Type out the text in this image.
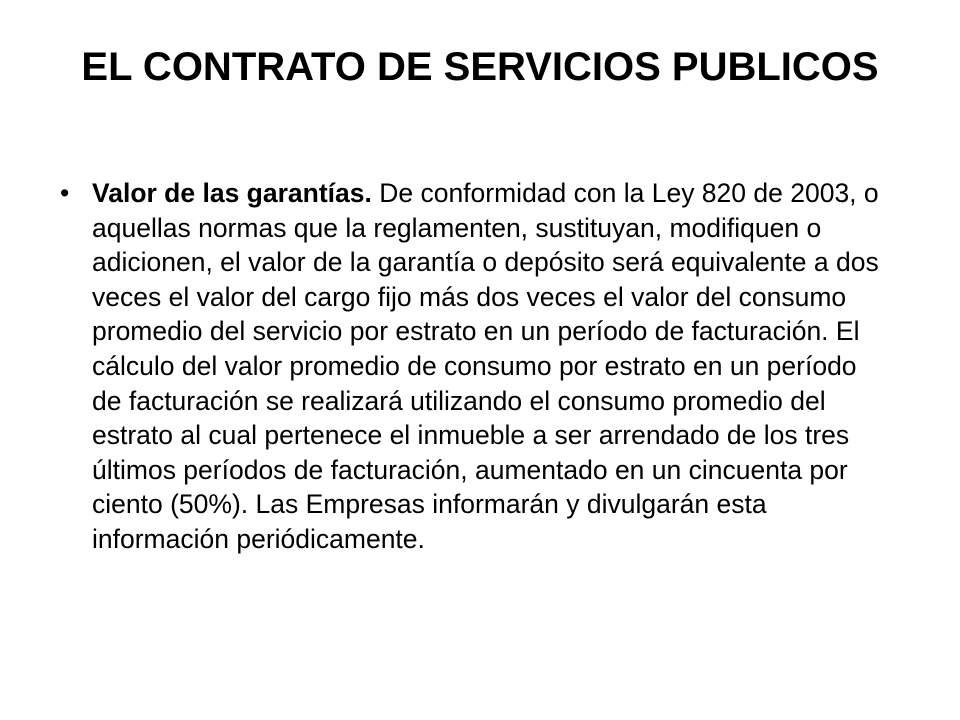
EL CONTRATO DE SERVICIOS PUBLICOS
• Valor de las garantías. De conformidad con la Ley 820 de 2003, o aquellas normas que la reglamenten, sustituyan, modifiquen o adicionen, el valor de la garantía o depósito será equivalente a dos veces el valor del cargo fijo más dos veces el valor del consumo promedio del servicio por estrato en un período de facturación. El cálculo del valor promedio de consumo por estrato en un período de facturación se realizará utilizando el consumo promedio del estrato al cual pertenece el inmueble a ser arrendado de los tres últimos períodos de facturación, aumentado en un cincuenta por ciento (50%). Las Empresas informarán y divulgarán esta información periódicamente.
